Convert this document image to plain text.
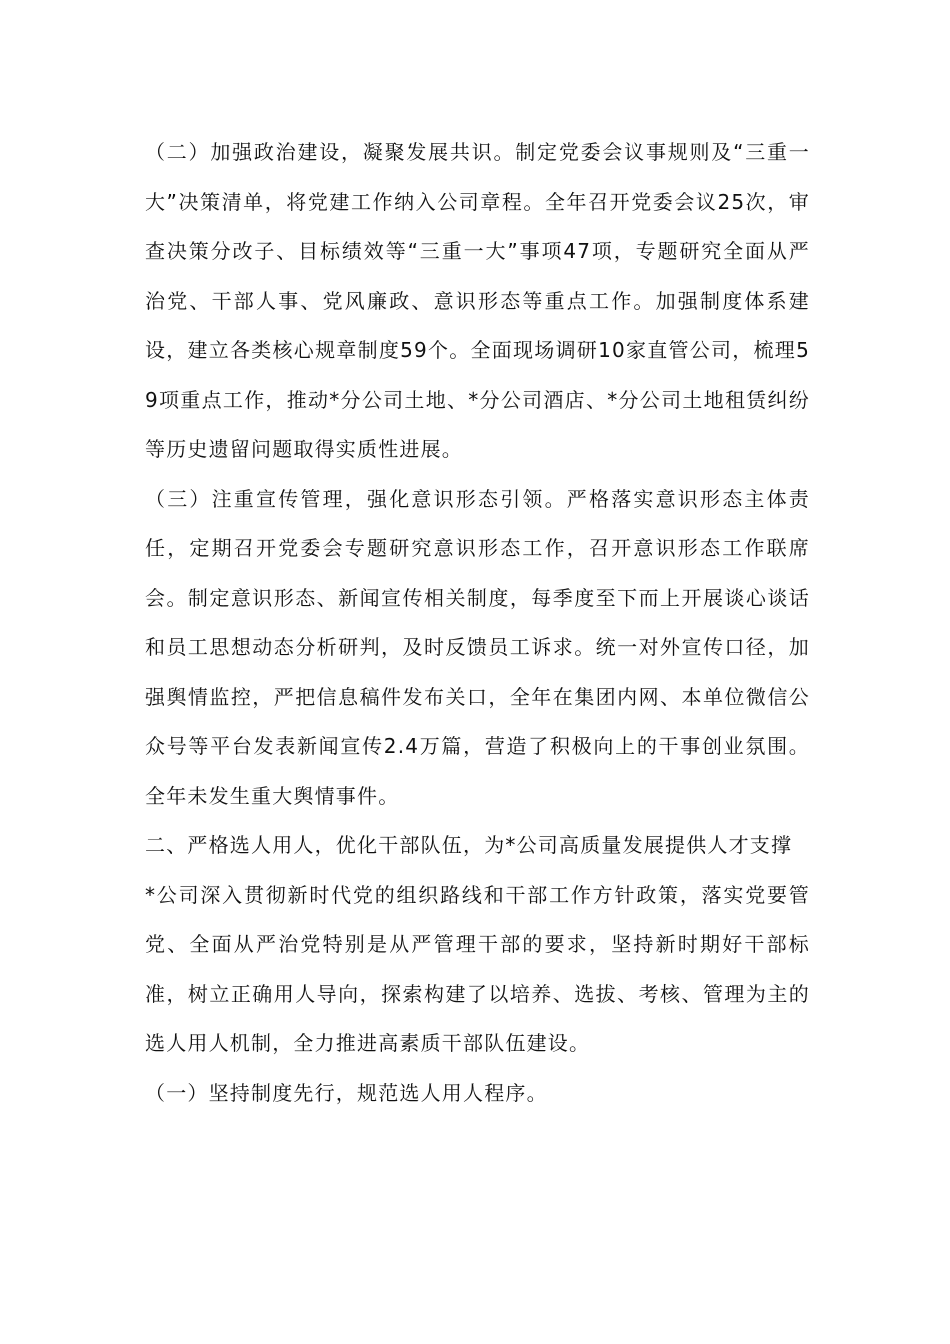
（二）加强政治建设，凝聚发展共识。制定党委会议事规则及“三重一大”决策清单，将党建工作纳入公司章程。全年召开党委会议25次，审查决策分改子、目标绩效等“三重一大”事项47项，专题研究全面从严治党、干部人事、党风廉政、意识形态等重点工作。加强制度体系建设，建立各类核心规章制度59个。全面现场调研10家直管公司，梳理59项重点工作，推动*分公司土地、*分公司酒店、*分公司土地租赁纠纷等历史遗留问题取得实质性进展。

（三）注重宣传管理，强化意识形态引领。严格落实意识形态主体责任，定期召开党委会专题研究意识形态工作，召开意识形态工作联席会。制定意识形态、新闻宣传相关制度，每季度至下而上开展谈心谈话和员工思想动态分析研判，及时反馈员工诉求。统一对外宣传口径，加强舆情监控，严把信息稿件发布关口，全年在集团内网、本单位微信公众号等平台发表新闻宣传2.4万篇，营造了积极向上的干事创业氛围。全年未发生重大舆情事件。

二、严格选人用人，优化干部队伍，为*公司高质量发展提供人才支撑

*公司深入贯彻新时代党的组织路线和干部工作方针政策，落实党要管党、全面从严治党特别是从严管理干部的要求，坚持新时期好干部标准，树立正确用人导向，探索构建了以培养、选拔、考核、管理为主的选人用人机制，全力推进高素质干部队伍建设。

（一）坚持制度先行，规范选人用人程序。
